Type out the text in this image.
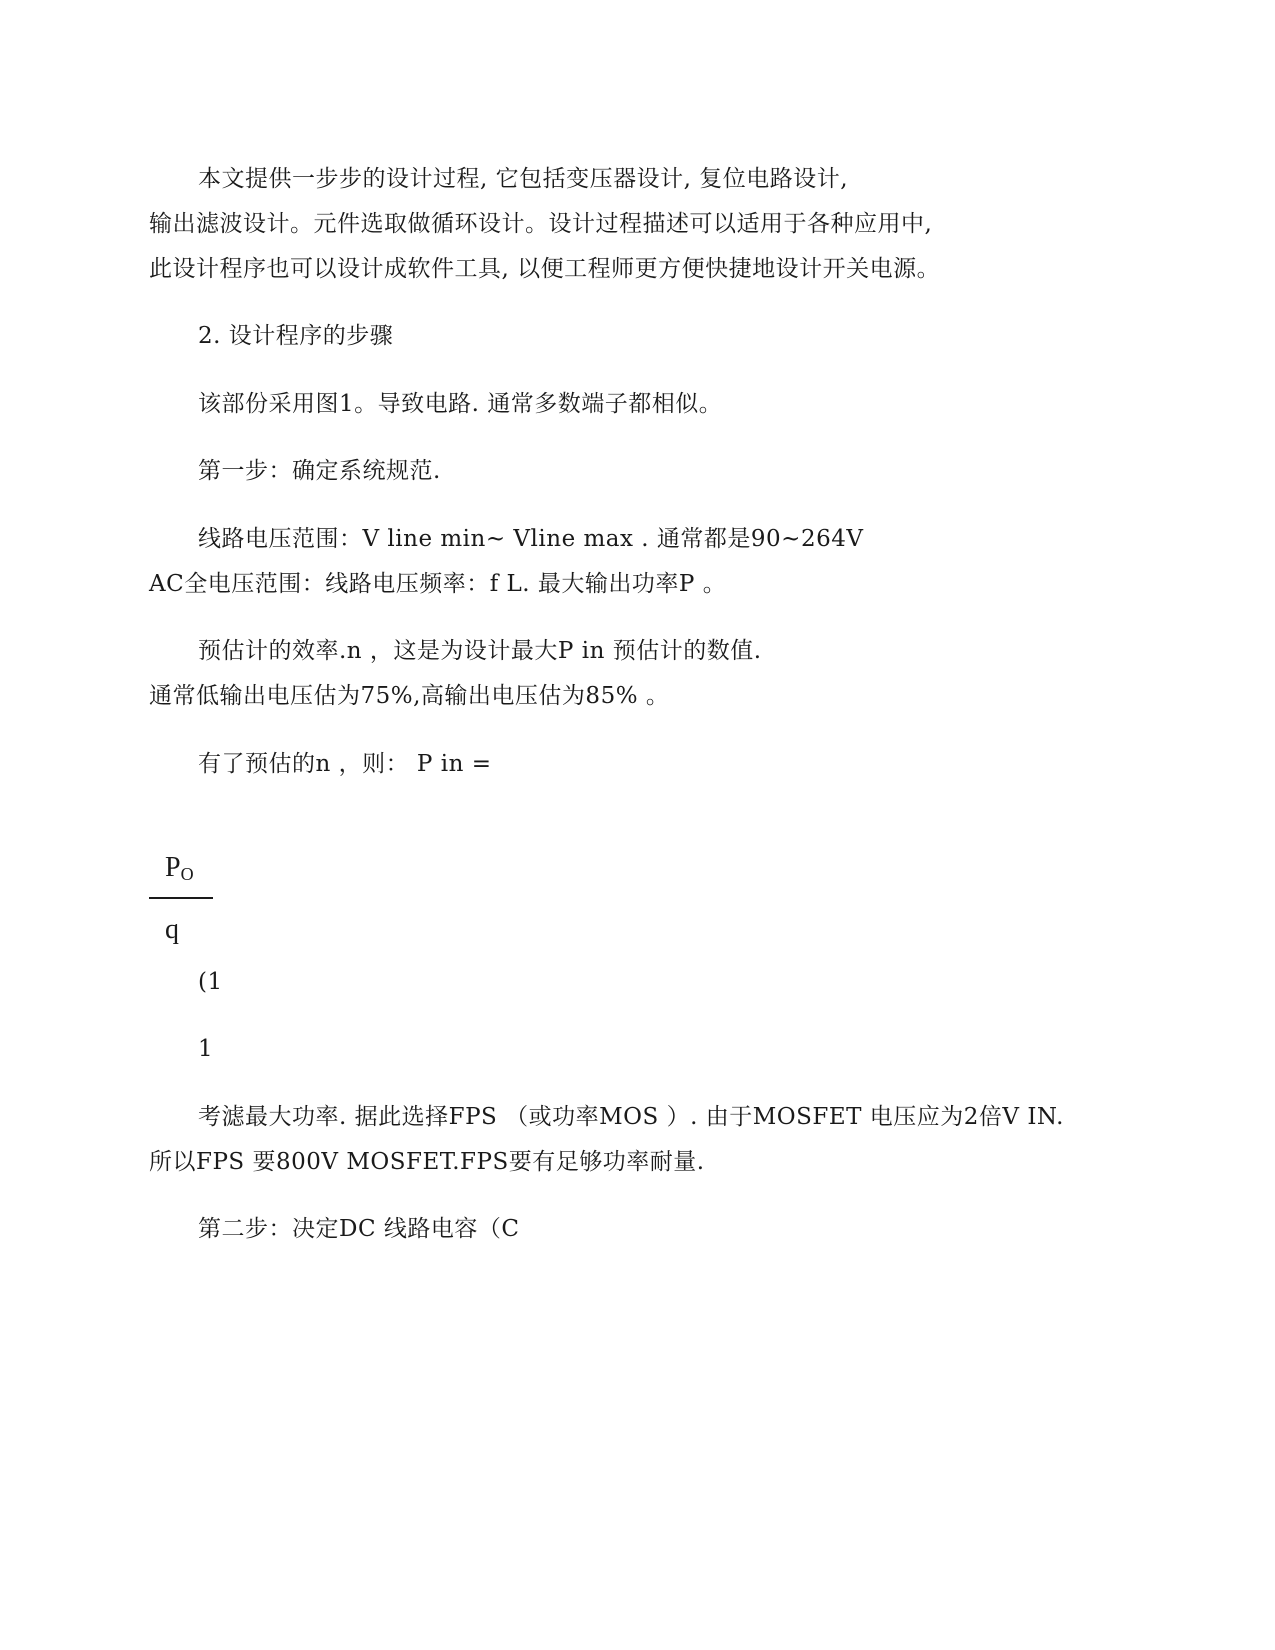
本文提供一步步的设计过程, 它包括变压器设计, 复位电路设计,
输出滤波设计。元件选取做循环设计。设计过程描述可以适用于各种应用中,
此设计程序也可以设计成软件工具, 以便工程师更方便快捷地设计开关电源。
2. 设计程序的步骤
该部份采用图1。导致电路. 通常多数端子都相似。
第一步：确定系统规范.
线路电压范围：V line min~ Vline max . 通常都是90~264V
AC全电压范围：线路电压频率：f L. 最大输出功率P 。
预估计的效率.n ，这是为设计最大P in 预估计的数值.
通常低输出电压估为75%,高输出电压估为85% 。
有了预估的n ，则： P in =
$P_O$
q
(1
1
考滤最大功率. 据此选择FPS （或功率MOS ）. 由于MOSFET 电压应为2倍V IN.
所以FPS 要800V MOSFET.FPS要有足够功率耐量.
第二步：决定DC 线路电容（C
